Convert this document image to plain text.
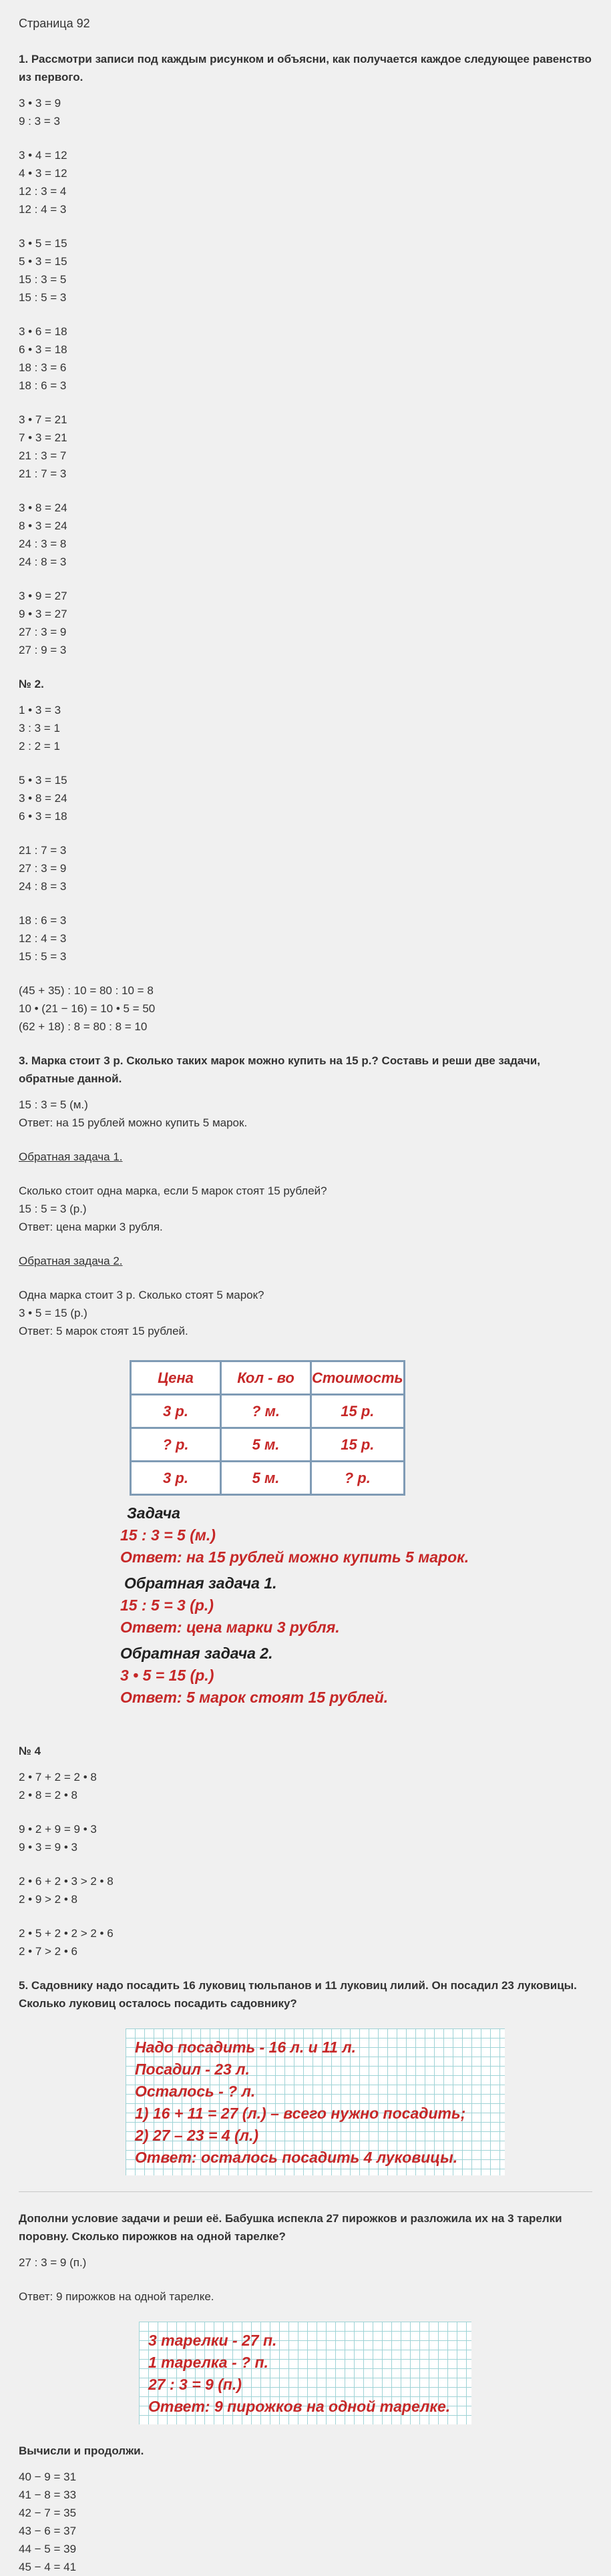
Страница 92
1. Рассмотри записи под каждым рисунком и объясни, как получается каждое следующее равенство из первого.
3 • 3 = 9
9 : 3 = 3
3 • 4 = 12
4 • 3 = 12
12 : 3 = 4
12 : 4 = 3
3 • 5 = 15
5 • 3 = 15
15 : 3 = 5
15 : 5 = 3
3 • 6 = 18
6 • 3 = 18
18 : 3 = 6
18 : 6 = 3
3 • 7 = 21
7 • 3 = 21
21 : 3 = 7
21 : 7 = 3
3 • 8 = 24
8 • 3 = 24
24 : 3 = 8
24 : 8 = 3
3 • 9 = 27
9 • 3 = 27
27 : 3 = 9
27 : 9 = 3
№ 2.
1 • 3 = 3
3 : 3 = 1
2 : 2 = 1
5 • 3 = 15
3 • 8 = 24
6 • 3 = 18
21 : 7 = 3
27 : 3 = 9
24 : 8 = 3
18 : 6 = 3
12 : 4 = 3
15 : 5 = 3
(45 + 35) : 10 = 80 : 10 = 8
10 • (21 − 16) = 10 • 5 = 50
(62 + 18) : 8 = 80 : 8 = 10
3. Марка стоит 3 р. Сколько таких марок можно купить на 15 р.? Составь и реши две задачи, обратные данной.
15 : 3 = 5 (м.)
Ответ: на 15 рублей можно купить 5 марок.
Обратная задача 1.
Сколько стоит одна марка, если 5 марок стоят 15 рублей?
15 : 5 = 3 (р.)
Ответ: цена марки 3 рубля.
Обратная задача 2.
Одна марка стоит 3 р. Сколько стоят 5 марок?
3 • 5 = 15 (р.)
Ответ: 5 марок стоят 15 рублей.
Цена	Кол - во	Стоимость
3 р.	? м.	15 р.
? р.	5 м.	15 р.
3 р.	5 м.	? р.
Задача
15 : 3 = 5 (м.)
Ответ: на 15 рублей можно купить 5 марок.
Обратная задача 1.
15 : 5 = 3 (р.)
Ответ: цена марки 3 рубля.
Обратная задача 2.
3 • 5 = 15 (р.)
Ответ: 5 марок стоят 15 рублей.
№ 4
2 • 7 + 2 = 2 • 8
2 • 8 = 2 • 8
9 • 2 + 9 = 9 • 3
9 • 3 = 9 • 3
2 • 6 + 2 • 3 > 2 • 8
2 • 9 > 2 • 8
2 • 5 + 2 • 2 > 2 • 6
2 • 7 > 2 • 6
5. Садовнику надо посадить 16 луковиц тюльпанов и 11 луковиц лилий. Он посадил 23 луковицы. Сколько луковиц осталось посадить садовнику?
Надо посадить - 16 л. и 11 л.
Посадил - 23 л.
Осталось - ? л.
1) 16 + 11 = 27 (л.) – всего нужно посадить;
2) 27 – 23 = 4 (л.)
Ответ: осталось посадить 4 луковицы.
Дополни условие задачи и реши её. Бабушка испекла 27 пирожков и разложила их на 3 тарелки поровну. Сколько пирожков на одной тарелке?
27 : 3 = 9 (п.)
Ответ: 9 пирожков на одной тарелке.
3 тарелки - 27 п.
1 тарелка - ? п.
27 : 3 = 9 (п.)
Ответ: 9 пирожков на одной тарелке.
Вычисли и продолжи.
40 − 9 = 31
41 − 8 = 33
42 − 7 = 35
43 − 6 = 37
44 − 5 = 39
45 − 4 = 41
